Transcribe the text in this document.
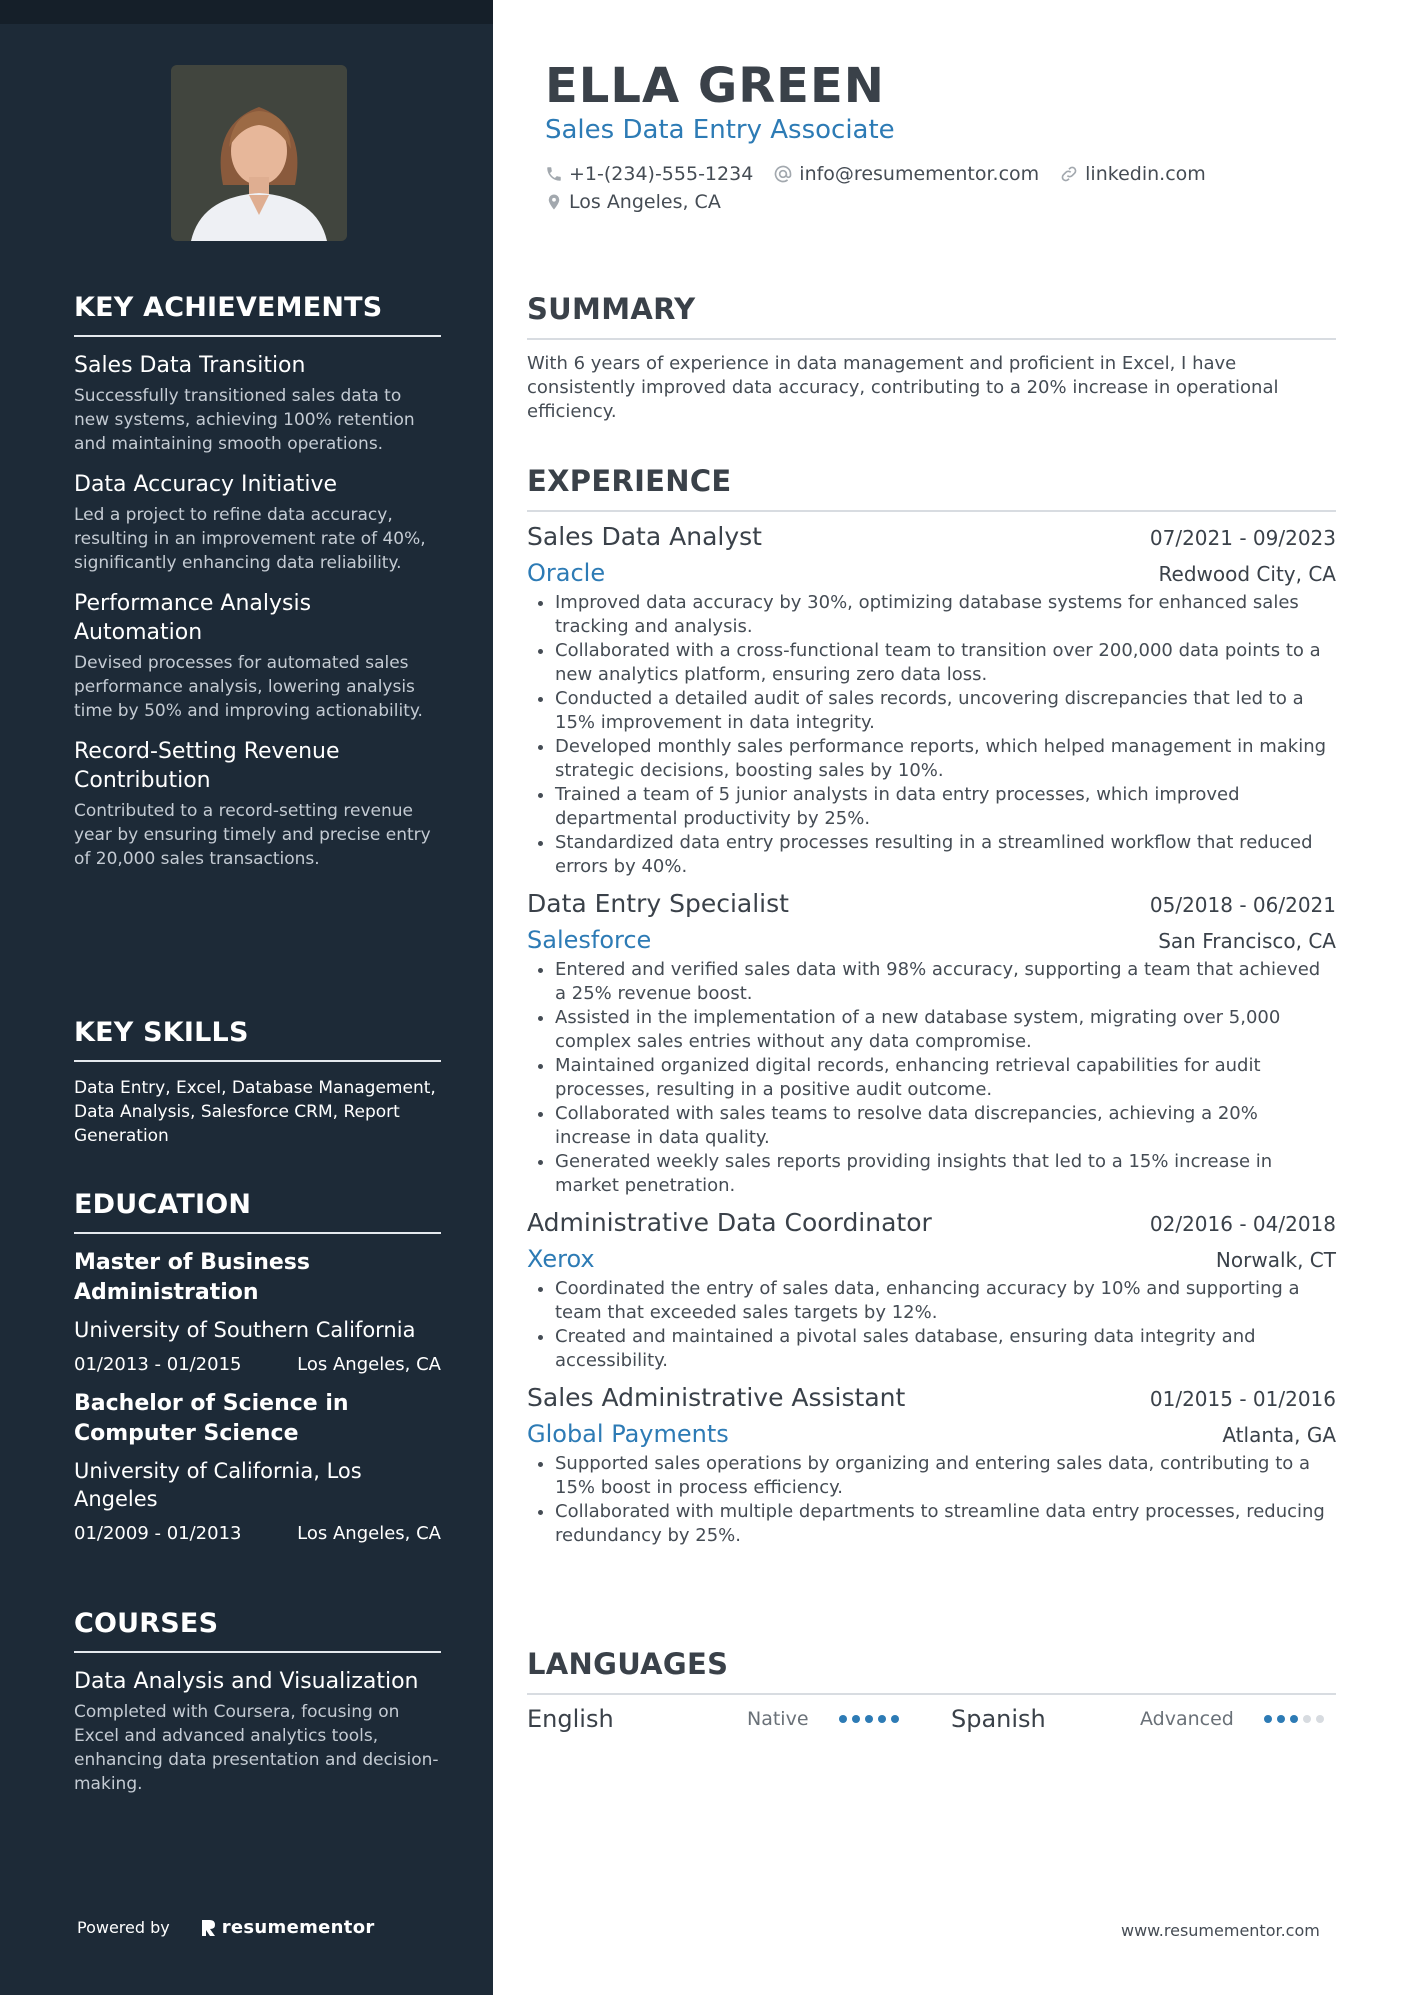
KEY ACHIEVEMENTS
Sales Data Transition
Successfully transitioned sales data to new systems, achieving 100% retention and maintaining smooth operations.
Data Accuracy Initiative
Led a project to refine data accuracy, resulting in an improvement rate of 40%, significantly enhancing data reliability.
Performance Analysis Automation
Devised processes for automated sales performance analysis, lowering analysis time by 50% and improving actionability.
Record-Setting Revenue Contribution
Contributed to a record-setting revenue year by ensuring timely and precise entry of 20,000 sales transactions.
KEY SKILLS
Data Entry, Excel, Database Management, Data Analysis, Salesforce CRM, Report Generation
EDUCATION
Master of Business Administration
University of Southern California
01/2013 - 01/2015	Los Angeles, CA
Bachelor of Science in Computer Science
University of California, Los Angeles
01/2009 - 01/2013	Los Angeles, CA
COURSES
Data Analysis and Visualization
Completed with Coursera, focusing on Excel and advanced analytics tools, enhancing data presentation and decision-making.
Powered by	resumementor
ELLA GREEN
Sales Data Entry Associate
+1-(234)-555-1234 info@resumementor.com linkedin.com
Los Angeles, CA
SUMMARY
With 6 years of experience in data management and proficient in Excel, I have consistently improved data accuracy, contributing to a 20% increase in operational efficiency.
EXPERIENCE
Sales Data Analyst	07/2021 - 09/2023
Oracle	Redwood City, CA
• Improved data accuracy by 30%, optimizing database systems for enhanced sales tracking and analysis.
• Collaborated with a cross-functional team to transition over 200,000 data points to a new analytics platform, ensuring zero data loss.
• Conducted a detailed audit of sales records, uncovering discrepancies that led to a 15% improvement in data integrity.
• Developed monthly sales performance reports, which helped management in making strategic decisions, boosting sales by 10%.
• Trained a team of 5 junior analysts in data entry processes, which improved departmental productivity by 25%.
• Standardized data entry processes resulting in a streamlined workflow that reduced errors by 40%.
Data Entry Specialist	05/2018 - 06/2021
Salesforce	San Francisco, CA
• Entered and verified sales data with 98% accuracy, supporting a team that achieved a 25% revenue boost.
• Assisted in the implementation of a new database system, migrating over 5,000 complex sales entries without any data compromise.
• Maintained organized digital records, enhancing retrieval capabilities for audit processes, resulting in a positive audit outcome.
• Collaborated with sales teams to resolve data discrepancies, achieving a 20% increase in data quality.
• Generated weekly sales reports providing insights that led to a 15% increase in market penetration.
Administrative Data Coordinator	02/2016 - 04/2018
Xerox	Norwalk, CT
• Coordinated the entry of sales data, enhancing accuracy by 10% and supporting a team that exceeded sales targets by 12%.
• Created and maintained a pivotal sales database, ensuring data integrity and accessibility.
Sales Administrative Assistant	01/2015 - 01/2016
Global Payments	Atlanta, GA
• Supported sales operations by organizing and entering sales data, contributing to a 15% boost in process efficiency.
• Collaborated with multiple departments to streamline data entry processes, reducing redundancy by 25%.
LANGUAGES
English	Native	Spanish	Advanced
www.resumementor.com
